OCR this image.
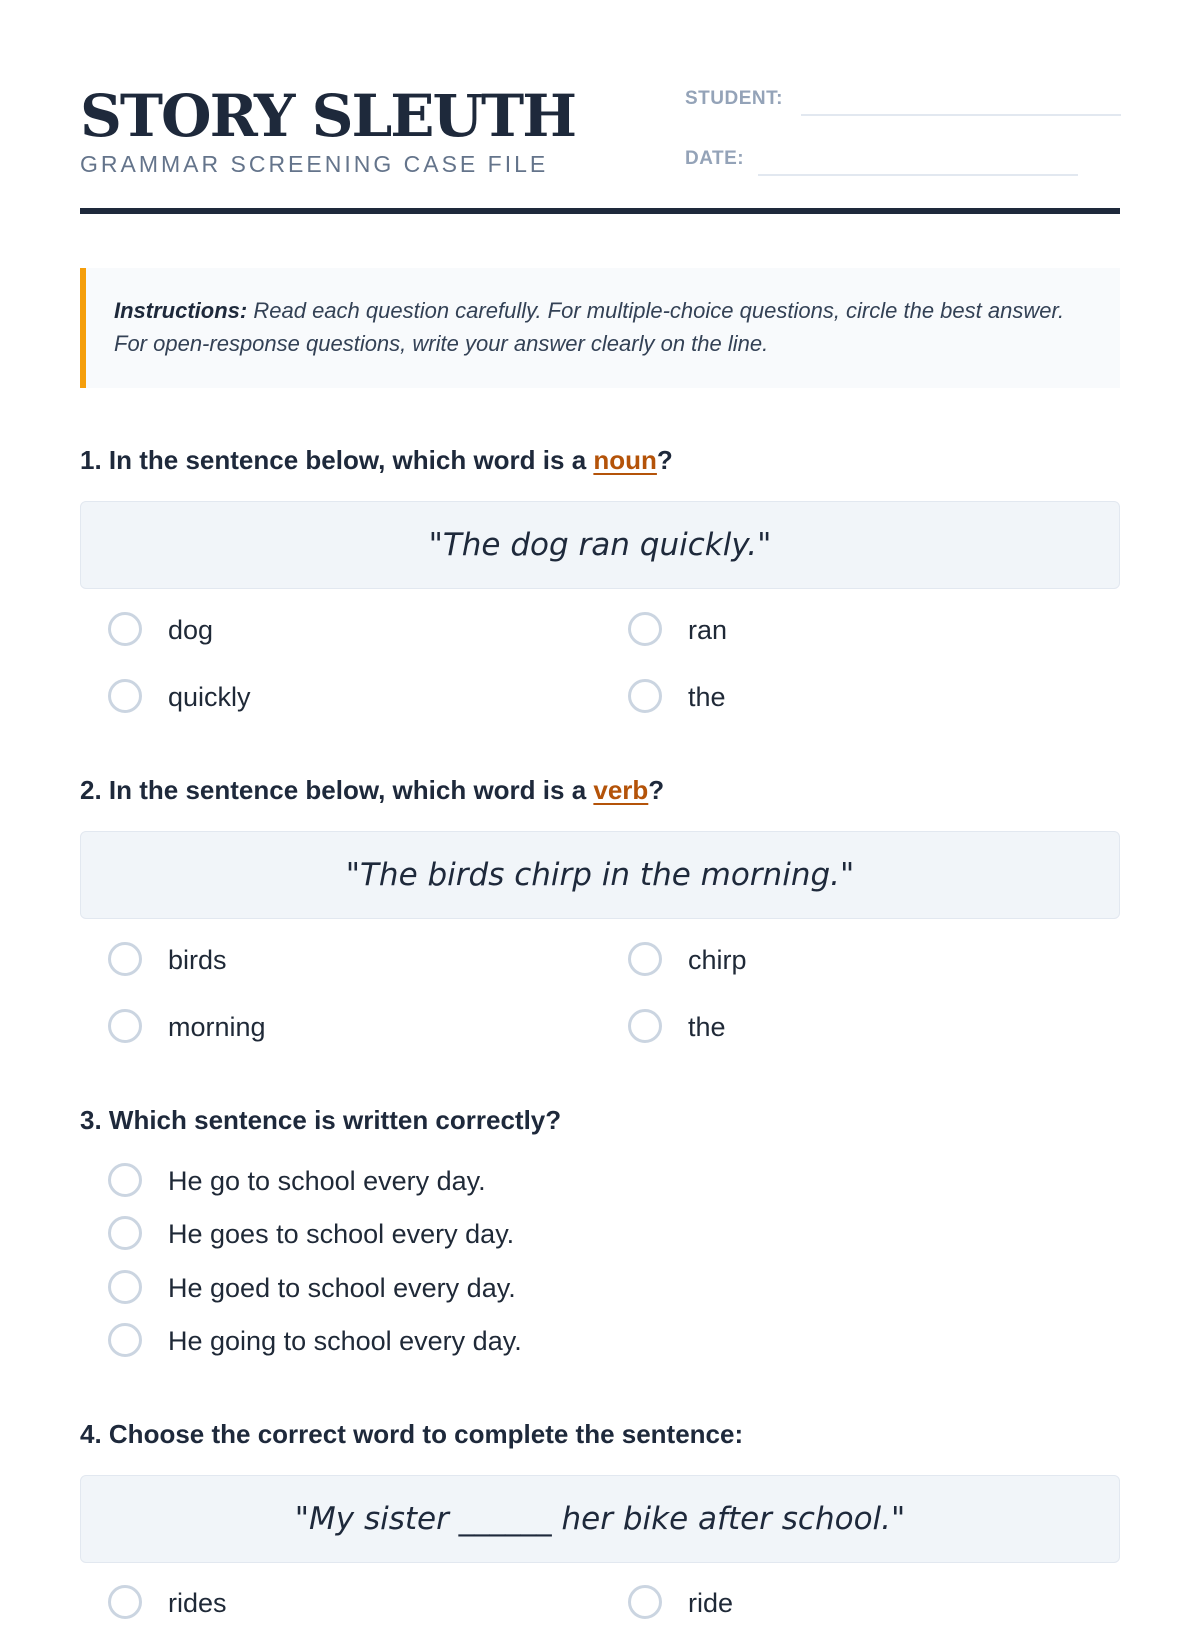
STORY SLEUTH
GRAMMAR SCREENING CASE FILE
STUDENT:
DATE:
Instructions: Read each question carefully. For multiple-choice questions, circle the best answer. For open-response questions, write your answer clearly on the line.
1. In the sentence below, which word is a noun?
"The dog ran quickly."
dog	ran
quickly	the
2. In the sentence below, which word is a verb?
"The birds chirp in the morning."
birds	chirp
morning	the
3. Which sentence is written correctly?
He go to school every day.
He goes to school every day.
He goed to school every day.
He going to school every day.
4. Choose the correct word to complete the sentence:
"My sister ______ her bike after school."
rides	ride
